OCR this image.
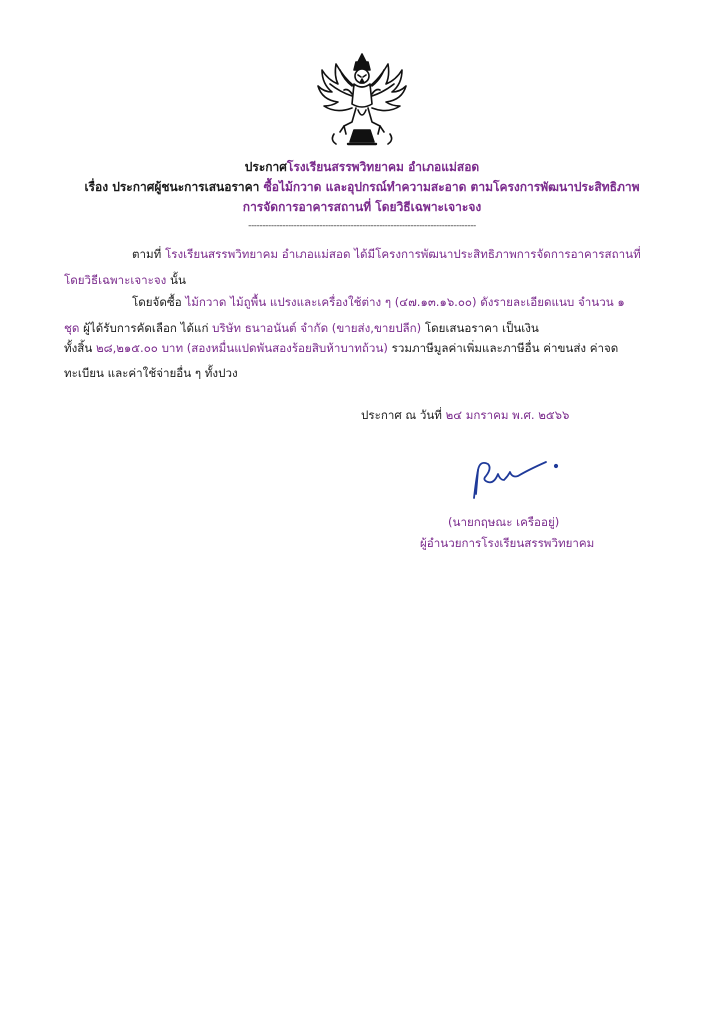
ประกาศโรงเรียนสรรพวิทยาคม อำเภอแม่สอด
เรื่อง ประกาศผู้ชนะการเสนอราคา ซื้อไม้กวาด และอุปกรณ์ทำความสะอาด ตามโครงการพัฒนาประสิทธิภาพ
การจัดการอาคารสถานที่ โดยวิธีเฉพาะเจาะจง
--------------------------------------------------------------------------------
ตามที่ โรงเรียนสรรพวิทยาคม อำเภอแม่สอด ได้มีโครงการพัฒนาประสิทธิภาพการจัดการอาคารสถานที่
โดยวิธีเฉพาะเจาะจง นั้น
โดยจัดซื้อ ไม้กวาด ไม้ถูพื้น แปรงและเครื่องใช้ต่าง ๆ (๔๗.๑๓.๑๖.๐๐) ดังรายละเอียดแนบ จำนวน ๑
ชุด ผู้ได้รับการคัดเลือก ได้แก่ บริษัท ธนาอนันต์ จำกัด (ขายส่ง,ขายปลีก) โดยเสนอราคา เป็นเงิน
ทั้งสิ้น ๒๘,๒๑๕.๐๐ บาท (สองหมื่นแปดพันสองร้อยสิบห้าบาทถ้วน) รวมภาษีมูลค่าเพิ่มและภาษีอื่น ค่าขนส่ง ค่าจด
ทะเบียน และค่าใช้จ่ายอื่น ๆ ทั้งปวง
ประกาศ ณ วันที่ ๒๔ มกราคม พ.ศ. ๒๕๖๖
(นายกฤษณะ เครืออยู่)
ผู้อำนวยการโรงเรียนสรรพวิทยาคม
